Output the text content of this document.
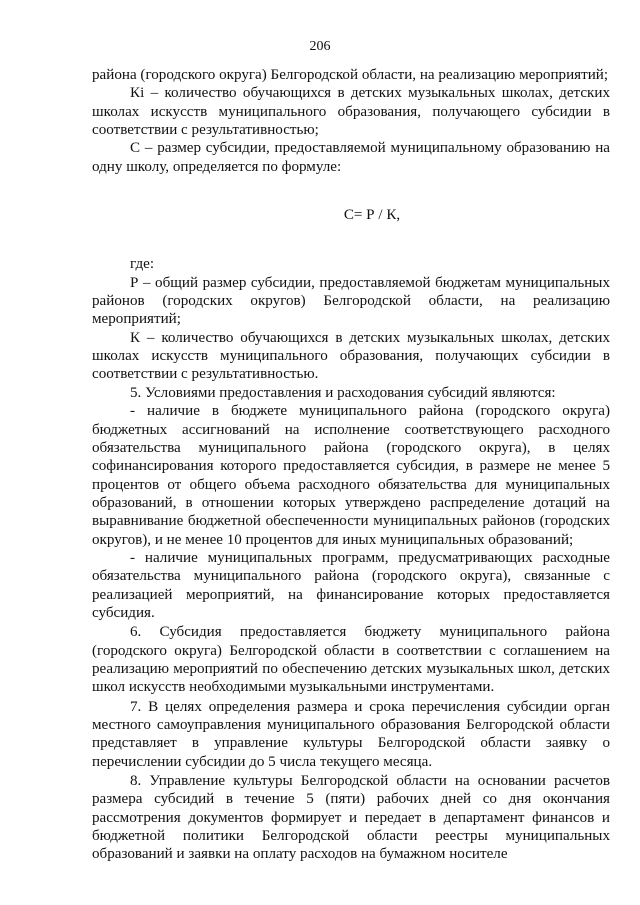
206

района (городского округа) Белгородской области, на реализацию мероприятий;

Кі – количество обучающихся в детских музыкальных школах, детских школах искусств муниципального образования, получающего субсидии в соответствии с результативностью;

С – размер субсидии, предоставляемой муниципальному образованию на одну школу, определяется по формуле:

С= Р / К,

где:

Р – общий размер субсидии, предоставляемой бюджетам муниципальных районов (городских округов) Белгородской области, на реализацию мероприятий;

К – количество обучающихся в детских музыкальных школах, детских школах искусств муниципального образования, получающих субсидии в соответствии с результативностью.

5. Условиями предоставления и расходования субсидий являются:

- наличие в бюджете муниципального района (городского округа) бюджетных ассигнований на исполнение соответствующего расходного обязательства муниципального района (городского округа), в целях софинансирования которого предоставляется субсидия, в размере не менее 5 процентов от общего объема расходного обязательства для муниципальных образований, в отношении которых утверждено распределение дотаций на выравнивание бюджетной обеспеченности муниципальных районов (городских округов), и не менее 10 процентов для иных муниципальных образований;

- наличие муниципальных программ, предусматривающих расходные обязательства муниципального района (городского округа), связанные с реализацией мероприятий, на финансирование которых предоставляется субсидия.

6. Субсидия предоставляется бюджету муниципального района (городского округа) Белгородской области в соответствии с соглашением на реализацию мероприятий по обеспечению детских музыкальных школ, детских школ искусств необходимыми музыкальными инструментами.

7. В целях определения размера и срока перечисления субсидии орган местного самоуправления муниципального образования Белгородской области представляет в управление культуры Белгородской области заявку о перечислении субсидии до 5 числа текущего месяца.

8. Управление культуры Белгородской области на основании расчетов размера субсидий в течение 5 (пяти) рабочих дней со дня окончания рассмотрения документов формирует и передает в департамент финансов и бюджетной политики Белгородской области реестры муниципальных образований и заявки на оплату расходов на бумажном носителе
